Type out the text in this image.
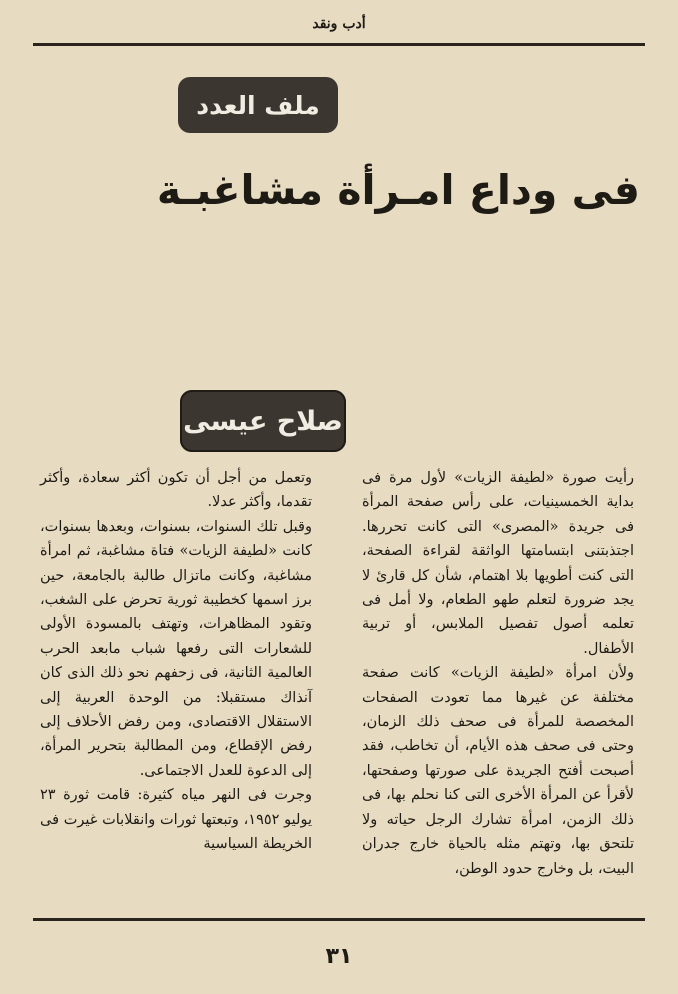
أدب ونقد
ملف العدد
فى وداع امـرأة مشاغبـة
صلاح عيسى

رأيت صورة «لطيفة الزيات» لأول مرة فى بداية الخمسينيات، على رأس صفحة المرأة فى جريدة «المصرى» التى كانت تحررها. اجتذبتنى ابتسامتها الواثقة لقراءة الصفحة، التى كنت أطويها بلا اهتمام، شأن كل قارئ لا يجد ضرورة لتعلم طهو الطعام، ولا أمل فى تعلمه أصول تفصيل الملابس، أو تربية الأطفال.

ولأن امرأة «لطيفة الزيات» كانت صفحة مختلفة عن غيرها مما تعودت الصفحات المخصصة للمرأة فى صحف ذلك الزمان، وحتى فى صحف هذه الأيام، أن تخاطب، فقد أصبحت أفتح الجريدة على صورتها وصفحتها، لأقرأ عن المرأة الأخرى التى كنا نحلم بها، فى ذلك الزمن، امرأة تشارك الرجل حياته ولا تلتحق بها، وتهتم مثله بالحياة خارج جدران البيت، بل وخارج حدود الوطن،

وتعمل من أجل أن تكون أكثر سعادة، وأكثر تقدما، وأكثر عدلا.

وقبل تلك السنوات، بسنوات، وبعدها بسنوات، كانت «لطيفة الزيات» فتاة مشاغبة، ثم امرأة مشاغبة، وكانت ماتزال طالبة بالجامعة، حين برز اسمها كخطيبة ثورية تحرض على الشغب، وتقود المظاهرات، وتهتف بالمسودة الأولى للشعارات التى رفعها شباب مابعد الحرب العالمية الثانية، فى زحفهم نحو ذلك الذى كان آنذاك مستقبلا: من الوحدة العربية إلى الاستقلال الاقتصادى، ومن رفض الأحلاف إلى رفض الإقطاع، ومن المطالبة بتحرير المرأة، إلى الدعوة للعدل الاجتماعى.

وجرت فى النهر مياه كثيرة: قامت ثورة ٢٣ يوليو ١٩٥٢، وتبعتها ثورات وانقلابات غيرت فى الخريطة السياسية

٣١
